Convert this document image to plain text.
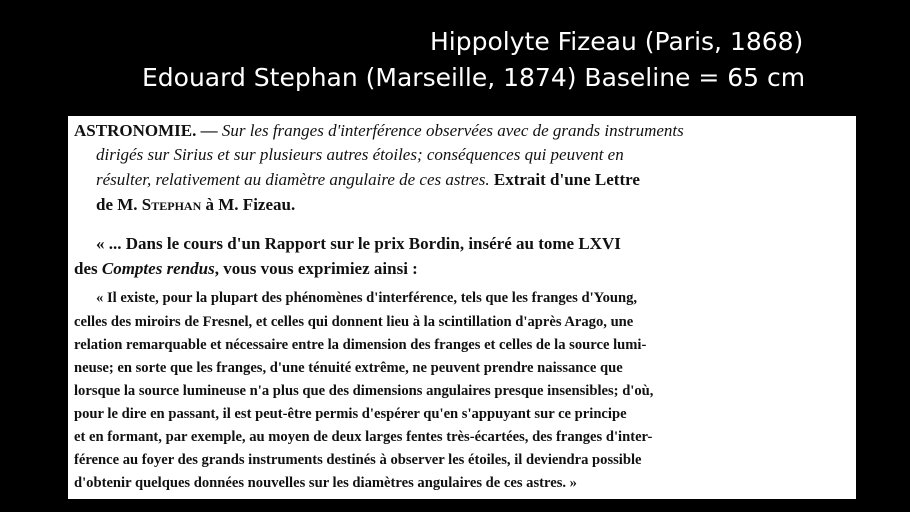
Hippolyte Fizeau (Paris, 1868)
Edouard Stephan (Marseille, 1874) Baseline = 65 cm
ASTRONOMIE. — Sur les franges d'interférence observées avec de grands instruments
dirigés sur Sirius et sur plusieurs autres étoiles; conséquences qui peuvent en
résulter, relativement au diamètre angulaire de ces astres. Extrait d'une Lettre
de M. Stephan à M. Fizeau.
« ... Dans le cours d'un Rapport sur le prix Bordin, inséré au tome LXVI
des Comptes rendus, vous vous exprimiez ainsi :
« Il existe, pour la plupart des phénomènes d'interférence, tels que les franges d'Young,
celles des miroirs de Fresnel, et celles qui donnent lieu à la scintillation d'après Arago, une
relation remarquable et nécessaire entre la dimension des franges et celles de la source lumi-
neuse; en sorte que les franges, d'une ténuité extrême, ne peuvent prendre naissance que
lorsque la source lumineuse n'a plus que des dimensions angulaires presque insensibles; d'où,
pour le dire en passant, il est peut-être permis d'espérer qu'en s'appuyant sur ce principe
et en formant, par exemple, au moyen de deux larges fentes très-écartées, des franges d'inter-
férence au foyer des grands instruments destinés à observer les étoiles, il deviendra possible
d'obtenir quelques données nouvelles sur les diamètres angulaires de ces astres. »
